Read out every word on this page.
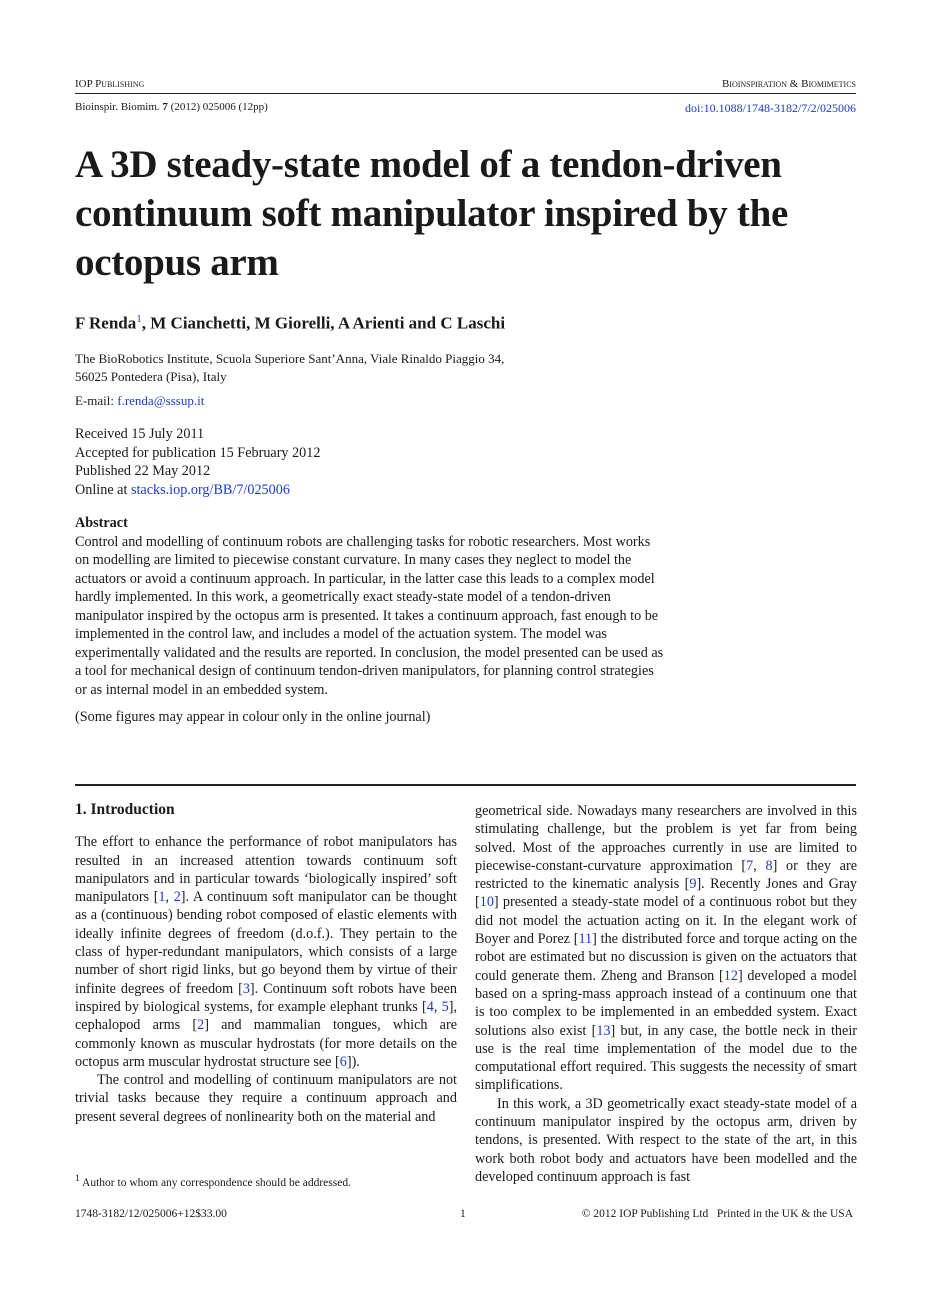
IOP Publishing	Bioinspiration & Biomimetics
Bioinspir. Biomim. 7 (2012) 025006 (12pp)	doi:10.1088/1748-3182/7/2/025006
A 3D steady-state model of a tendon-driven continuum soft manipulator inspired by the octopus arm
F Renda$^1$, M Cianchetti, M Giorelli, A Arienti and C Laschi
The BioRobotics Institute, Scuola Superiore Sant’Anna, Viale Rinaldo Piaggio 34,
56025 Pontedera (Pisa), Italy
E-mail: f.renda@sssup.it
Received 15 July 2011
Accepted for publication 15 February 2012
Published 22 May 2012
Online at stacks.iop.org/BB/7/025006
Abstract
Control and modelling of continuum robots are challenging tasks for robotic researchers. Most works on modelling are limited to piecewise constant curvature. In many cases they neglect to model the actuators or avoid a continuum approach. In particular, in the latter case this leads to a complex model hardly implemented. In this work, a geometrically exact steady-state model of a tendon-driven manipulator inspired by the octopus arm is presented. It takes a continuum approach, fast enough to be implemented in the control law, and includes a model of the actuation system. The model was experimentally validated and the results are reported. In conclusion, the model presented can be used as a tool for mechanical design of continuum tendon-driven manipulators, for planning control strategies or as internal model in an embedded system.
(Some figures may appear in colour only in the online journal)
1. Introduction

The effort to enhance the performance of robot manipulators has resulted in an increased attention towards continuum soft manipulators and in particular towards ‘biologically inspired’ soft manipulators [1, 2]. A continuum soft manipulator can be thought as a (continuous) bending robot composed of elastic elements with ideally infinite degrees of freedom (d.o.f.). They pertain to the class of hyper-redundant manipulators, which consists of a large number of short rigid links, but go beyond them by virtue of their infinite degrees of freedom [3]. Continuum soft robots have been inspired by biological systems, for example elephant trunks [4, 5], cephalopod arms [2] and mammalian tongues, which are commonly known as muscular hydrostats (for more details on the octopus arm muscular hydrostat structure see [6]).

The control and modelling of continuum manipulators are not trivial tasks because they require a continuum approach and present several degrees of nonlinearity both on the material and

$^1$ Author to whom any correspondence should be addressed.

geometrical side. Nowadays many researchers are involved in this stimulating challenge, but the problem is yet far from being solved. Most of the approaches currently in use are limited to piecewise-constant-curvature approximation [7, 8] or they are restricted to the kinematic analysis [9]. Recently Jones and Gray [10] presented a steady-state model of a continuous robot but they did not model the actuation acting on it. In the elegant work of Boyer and Porez [11] the distributed force and torque acting on the robot are estimated but no discussion is given on the actuators that could generate them. Zheng and Branson [12] developed a model based on a spring-mass approach instead of a continuum one that is too complex to be implemented in an embedded system. Exact solutions also exist [13] but, in any case, the bottle neck in their use is the real time implementation of the model due to the computational effort required. This suggests the necessity of smart simplifications.

In this work, a 3D geometrically exact steady-state model of a continuum manipulator inspired by the octopus arm, driven by tendons, is presented. With respect to the state of the art, in this work both robot body and actuators have been modelled and the developed continuum approach is fast

1748-3182/12/025006+12$33.00	1	© 2012 IOP Publishing Ltd Printed in the UK & the USA
